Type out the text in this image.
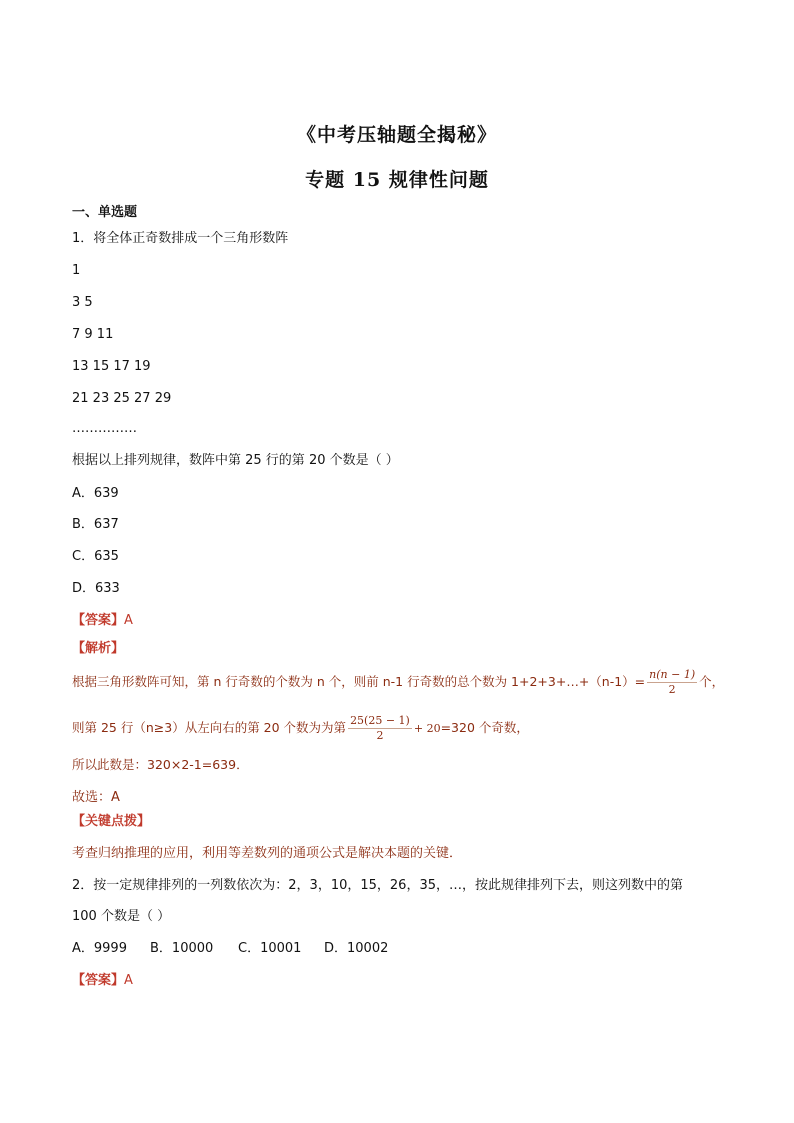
《中考压轴题全揭秘》
专题 15 规律性问题
一、单选题
1．将全体正奇数排成一个三角形数阵
1
3 5
7 9 11
13 15 17 19
21 23 25 27 29
……………
根据以上排列规律，数阵中第 25 行的第 20 个数是（ ）
A．639
B．637
C．635
D．633
【答案】A
【解析】
根据三角形数阵可知，第 n 行奇数的个数为 n 个，则前 n-1 行奇数的总个数为 1+2+3+…+（n-1）= $\frac{n(n - 1)}{2}$ 个，
则第 25 行（n≥3）从左向右的第 20 个数为为第 $\frac{25(25 - 1)}{2} + 20=320$ 个奇数，
所以此数是：320×2-1=639．
故选：A
【关键点拨】
考查归纳推理的应用，利用等差数列的通项公式是解决本题的关键．
2．按一定规律排列的一列数依次为：2，3，10，15，26，35，…，按此规律排列下去，则这列数中的第
100 个数是（ ）
A．9999 B．10000 C．10001 D．10002
【答案】A
